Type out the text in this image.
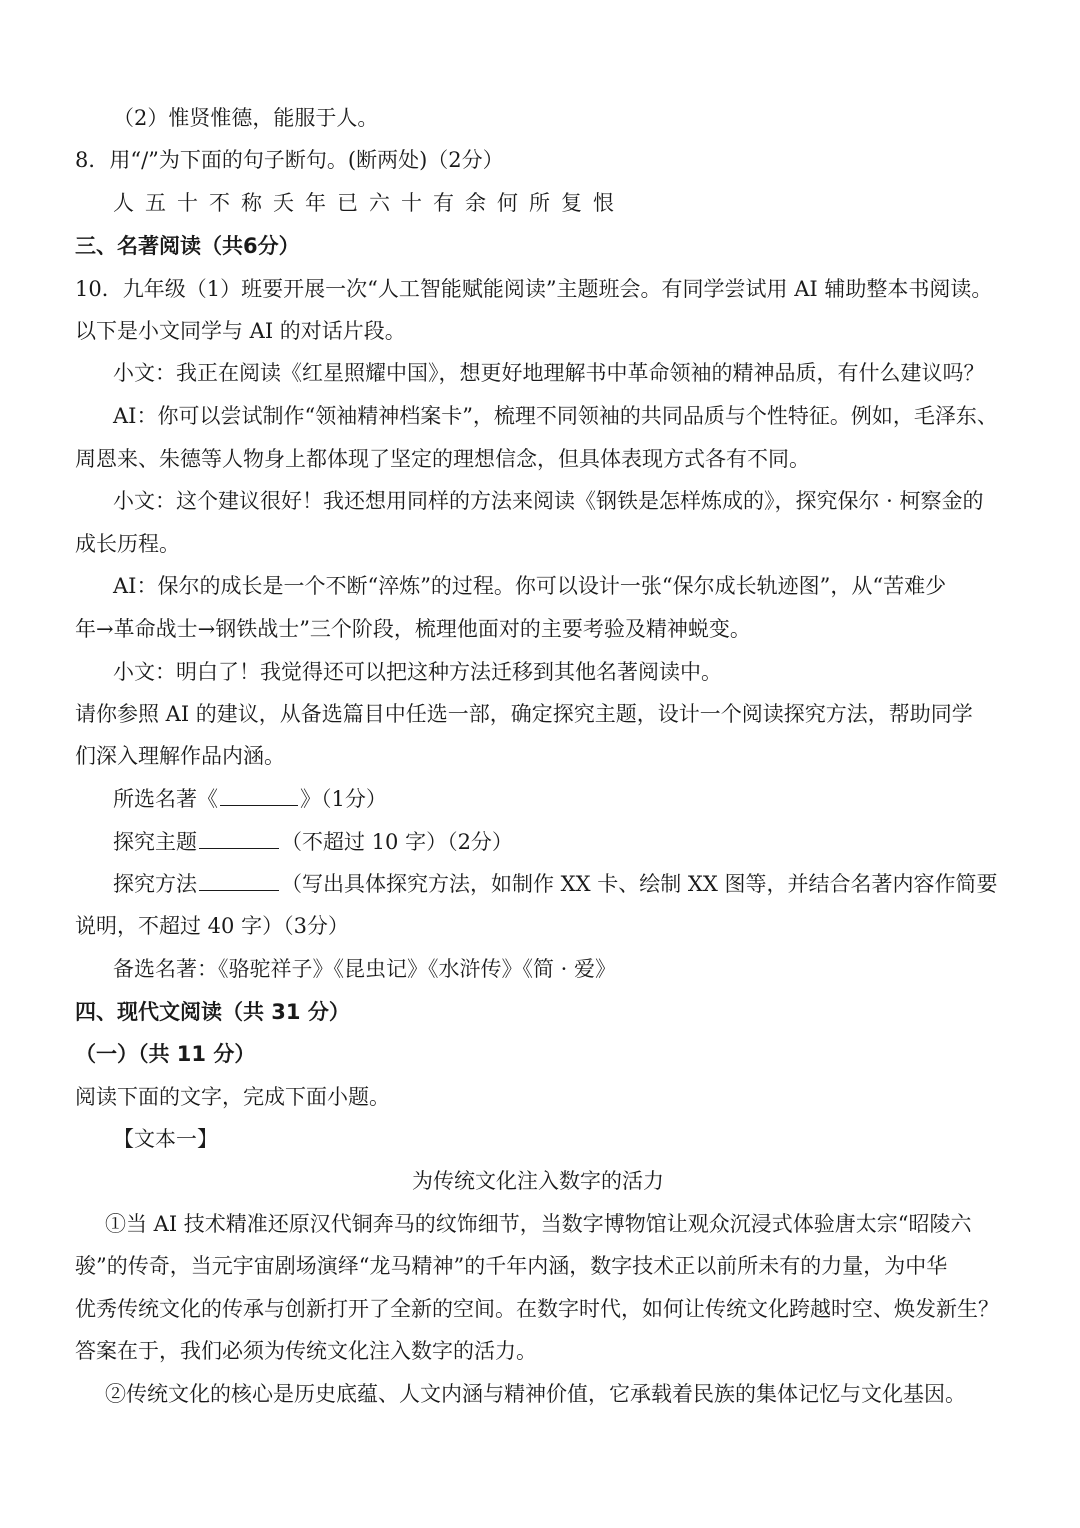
（2）惟贤惟德，能服于人。
8．用“/”为下面的句子断句。(断两处)（2分）
人五十不称夭年已六十有余何所复恨
三、名著阅读（共6分）
10．九年级（1）班要开展一次“人工智能赋能阅读”主题班会。有同学尝试用 AI 辅助整本书阅读。
以下是小文同学与 AI 的对话片段。
小文：我正在阅读《红星照耀中国》，想更好地理解书中革命领袖的精神品质，有什么建议吗？
AI：你可以尝试制作“领袖精神档案卡”，梳理不同领袖的共同品质与个性特征。例如，毛泽东、
周恩来、朱德等人物身上都体现了坚定的理想信念，但具体表现方式各有不同。
小文：这个建议很好！我还想用同样的方法来阅读《钢铁是怎样炼成的》，探究保尔 · 柯察金的
成长历程。
AI：保尔的成长是一个不断“淬炼”的过程。你可以设计一张“保尔成长轨迹图”，从“苦难少
年→革命战士→钢铁战士”三个阶段，梳理他面对的主要考验及精神蜕变。
小文：明白了！我觉得还可以把这种方法迁移到其他名著阅读中。
请你参照 AI 的建议，从备选篇目中任选一部，确定探究主题，设计一个阅读探究方法，帮助同学
们深入理解作品内涵。
所选名著《	》（1分）
探究主题	（不超过 10 字）（2分）
探究方法	（写出具体探究方法，如制作 XX 卡、绘制 XX 图等，并结合名著内容作简要
说明，不超过 40 字）（3分）
备选名著：《骆驼祥子》《昆虫记》《水浒传》《简 · 爱》
四、现代文阅读（共 31 分）
（一）（共 11 分）
阅读下面的文字，完成下面小题。
【文本一】
为传统文化注入数字的活力
①当 AI 技术精准还原汉代铜奔马的纹饰细节，当数字博物馆让观众沉浸式体验唐太宗“昭陵六
骏”的传奇，当元宇宙剧场演绎“龙马精神”的千年内涵，数字技术正以前所未有的力量，为中华
优秀传统文化的传承与创新打开了全新的空间。在数字时代，如何让传统文化跨越时空、焕发新生？
答案在于，我们必须为传统文化注入数字的活力。
②传统文化的核心是历史底蕴、人文内涵与精神价值，它承载着民族的集体记忆与文化基因。
